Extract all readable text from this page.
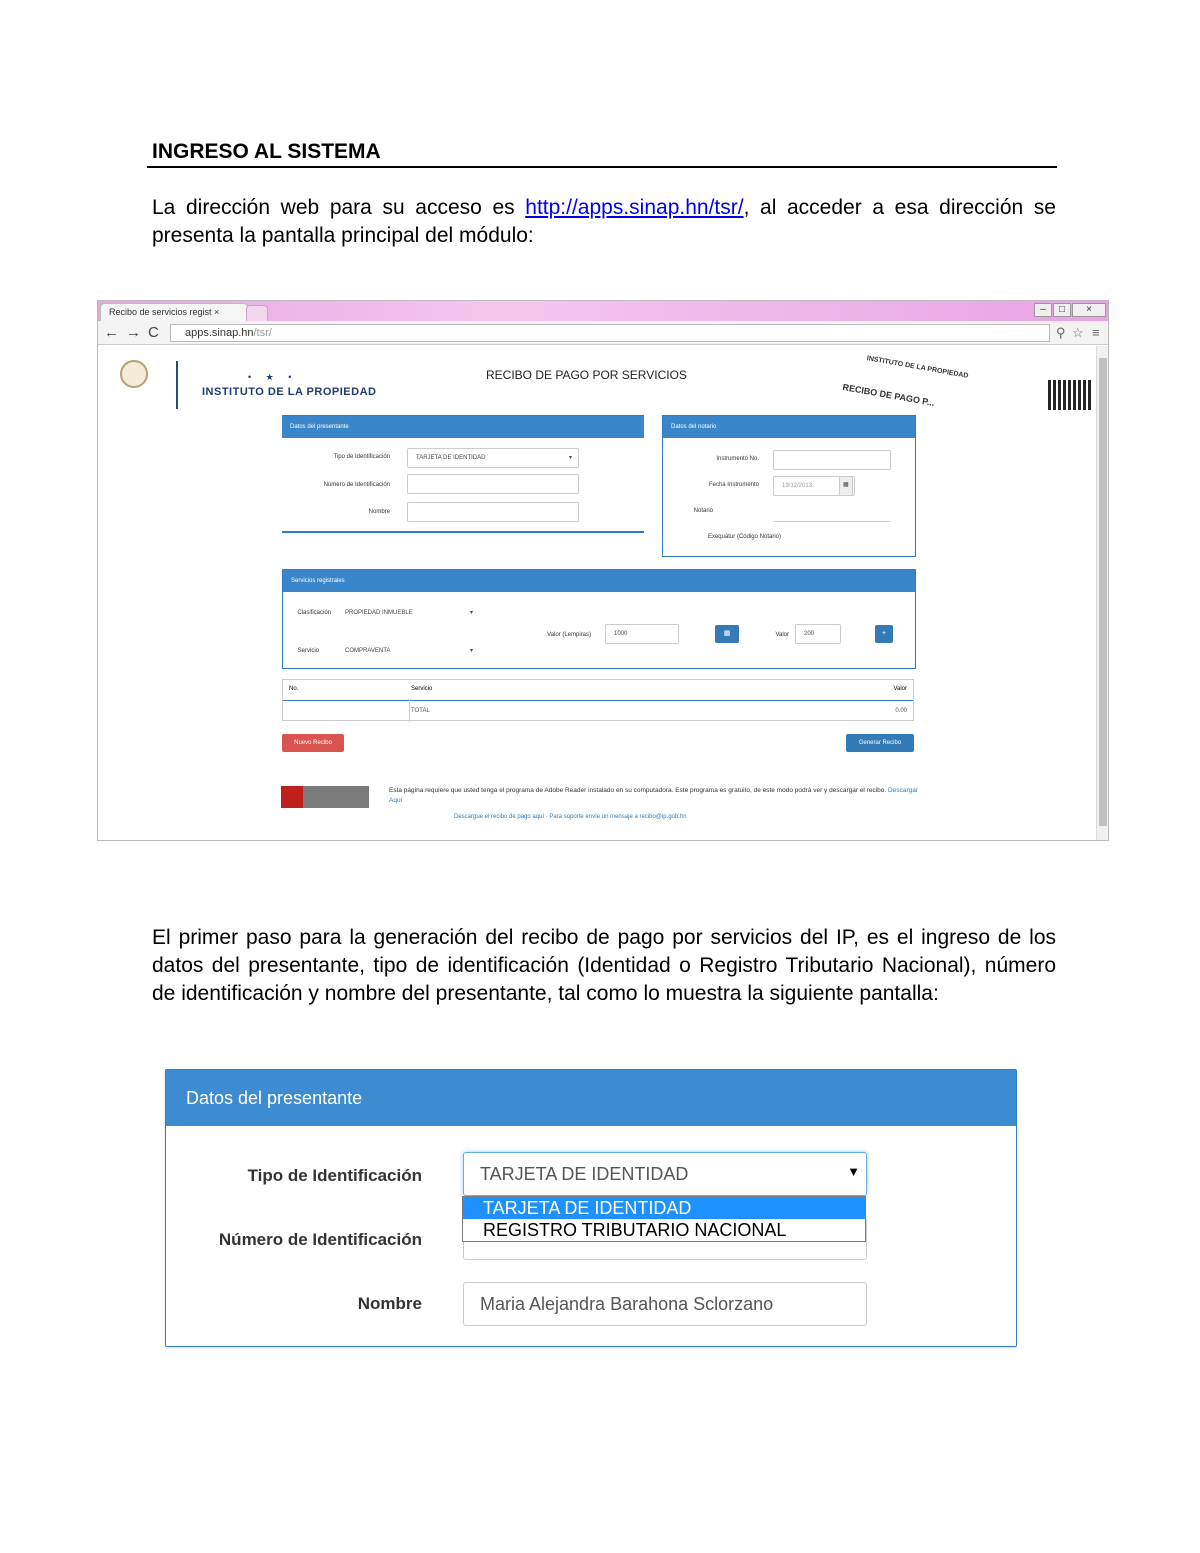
INGRESO AL SISTEMA
La dirección web para su acceso es http://apps.sinap.hn/tsr/, al acceder a esa dirección se presenta la pantalla principal del módulo:
Recibo de servicios regist ×	–	□	×
← → C	apps.sinap.hn/tsr/	⚲ ☆ ≡

• ★ •
INSTITUTO DE LA PROPIEDAD
RECIBO DE PAGO POR SERVICIOS	INSTITUTO DE LA PROPIEDAD
RECIBO DE PAGO P...
Datos del presentante
Tipo de Identificación	TARJETA DE IDENTIDAD	▾
Número de Identificación
Nombre
Datos del notario
Instrumento No.
Fecha Instrumento	19/12/2013	▦
Notario
Exequátur (Código Notario)
Servicios registrales
Clasificación	PROPIEDAD INMUEBLE	▾
Servicio	COMPRAVENTA	▾
Valor (Lempiras)	1000	▦	Valor	200	+
No.	Servicio	Valor
TOTAL	0.00
Nuevo Recibo	Generar Recibo
Esta página requiere que usted tenga el programa de Adobe Reader instalado en su computadora. Este programa es gratuito, de este modo podrá ver y descargar el recibo. Descargar Aquí
Descargue el recibo de pago aquí · Para soporte envíe un mensaje a recibo@ip.gob.hn
El primer paso para la generación del recibo de pago por servicios del IP, es el ingreso de los datos del presentante, tipo de identificación (Identidad o Registro Tributario Nacional), número de identificación y nombre del presentante, tal como lo muestra la siguiente pantalla:
Datos del presentante
Tipo de Identificación	TARJETA DE IDENTIDAD	▼
Número de Identificación
TARJETA DE IDENTIDAD
REGISTRO TRIBUTARIO NACIONAL
Nombre	Maria Alejandra Barahona Sclorzano
